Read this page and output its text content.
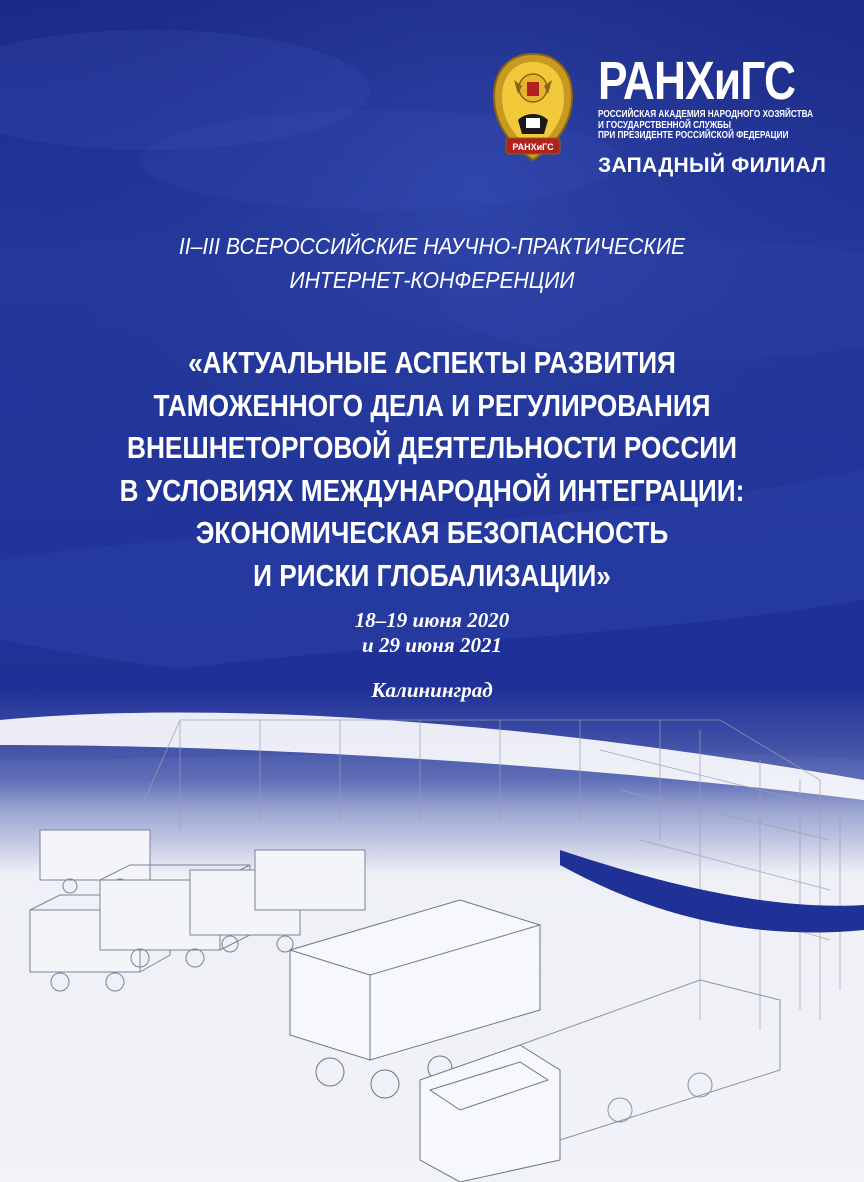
РАНХиГС
РАНХиГС
РОССИЙСКАЯ АКАДЕМИЯ НАРОДНОГО ХОЗЯЙСТВА
И ГОСУДАРСТВЕННОЙ СЛУЖБЫ
ПРИ ПРЕЗИДЕНТЕ РОССИЙСКОЙ ФЕДЕРАЦИИ
ЗАПАДНЫЙ ФИЛИАЛ
II–III ВСЕРОССИЙСКИЕ НАУЧНО-ПРАКТИЧЕСКИЕ
ИНТЕРНЕТ-КОНФЕРЕНЦИИ
«АКТУАЛЬНЫЕ АСПЕКТЫ РАЗВИТИЯ
ТАМОЖЕННОГО ДЕЛА И РЕГУЛИРОВАНИЯ
ВНЕШНЕТОРГОВОЙ ДЕЯТЕЛЬНОСТИ РОССИИ
В УСЛОВИЯХ МЕЖДУНАРОДНОЙ ИНТЕГРАЦИИ:
ЭКОНОМИЧЕСКАЯ БЕЗОПАСНОСТЬ
И РИСКИ ГЛОБАЛИЗАЦИИ»
18–19 июня 2020
и 29 июня 2021
